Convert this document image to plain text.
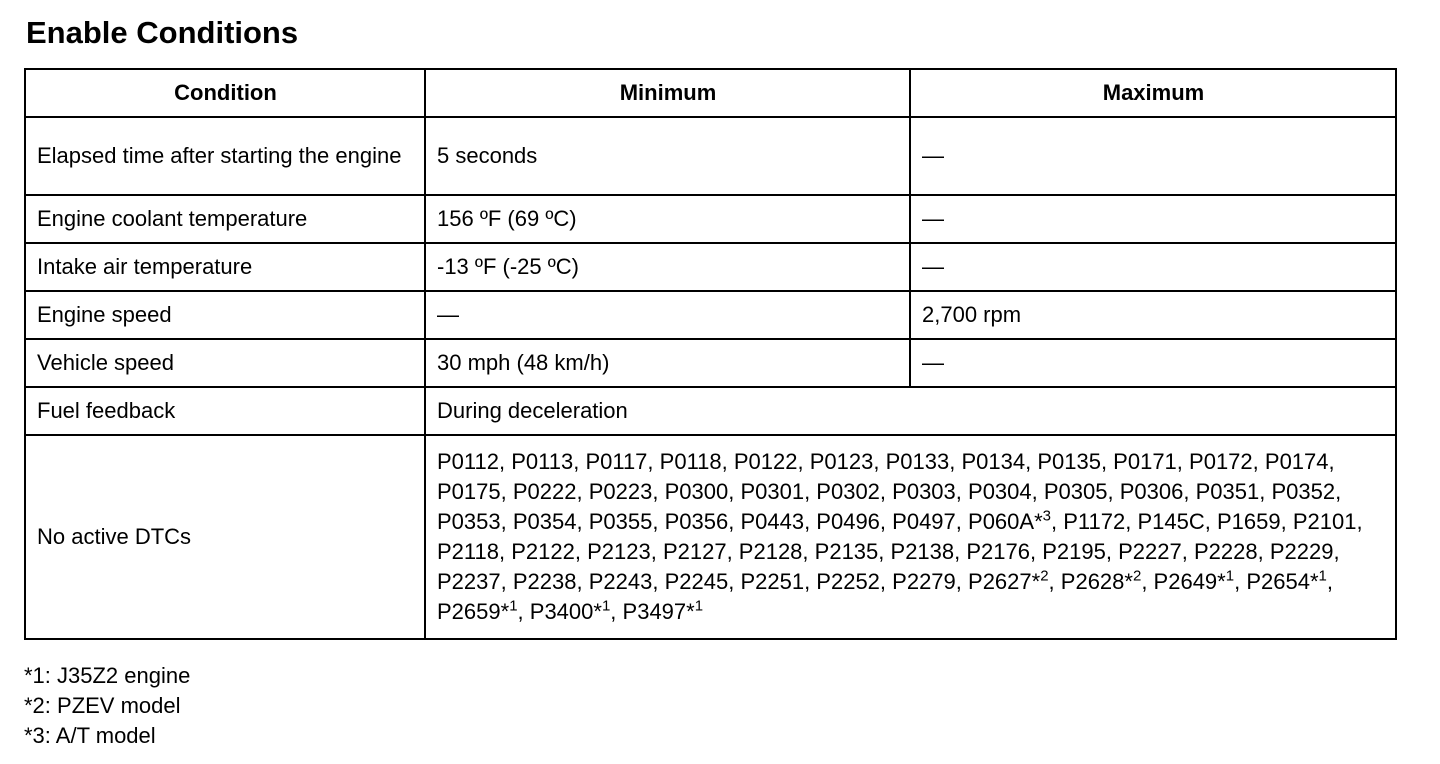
Enable Conditions
Condition	Minimum	Maximum
Elapsed time after starting the engine	5 seconds	—
Engine coolant temperature	156 ºF (69 ºC)	—
Intake air temperature	-13 ºF (-25 ºC)	—
Engine speed	—	2,700 rpm
Vehicle speed	30 mph (48 km/h)	—
Fuel feedback	During deceleration	
No active DTCs	P0112, P0113, P0117, P0118, P0122, P0123, P0133, P0134, P0135, P0171, P0172, P0174, P0175, P0222, P0223, P0300, P0301, P0302, P0303, P0304, P0305, P0306, P0351, P0352, P0353, P0354, P0355, P0356, P0443, P0496, P0497, P060A*$^3$, P1172, P145C, P1659, P2101, P2118, P2122, P2123, P2127, P2128, P2135, P2138, P2176, P2195, P2227, P2228, P2229, P2237, P2238, P2243, P2245, P2251, P2252, P2279, P2627*$^2$, P2628*$^2$, P2649*$^1$, P2654*$^1$, P2659*$^1$, P3400*$^1$, P3497*$^1$
*1: J35Z2 engine
*2: PZEV model
*3: A/T model
